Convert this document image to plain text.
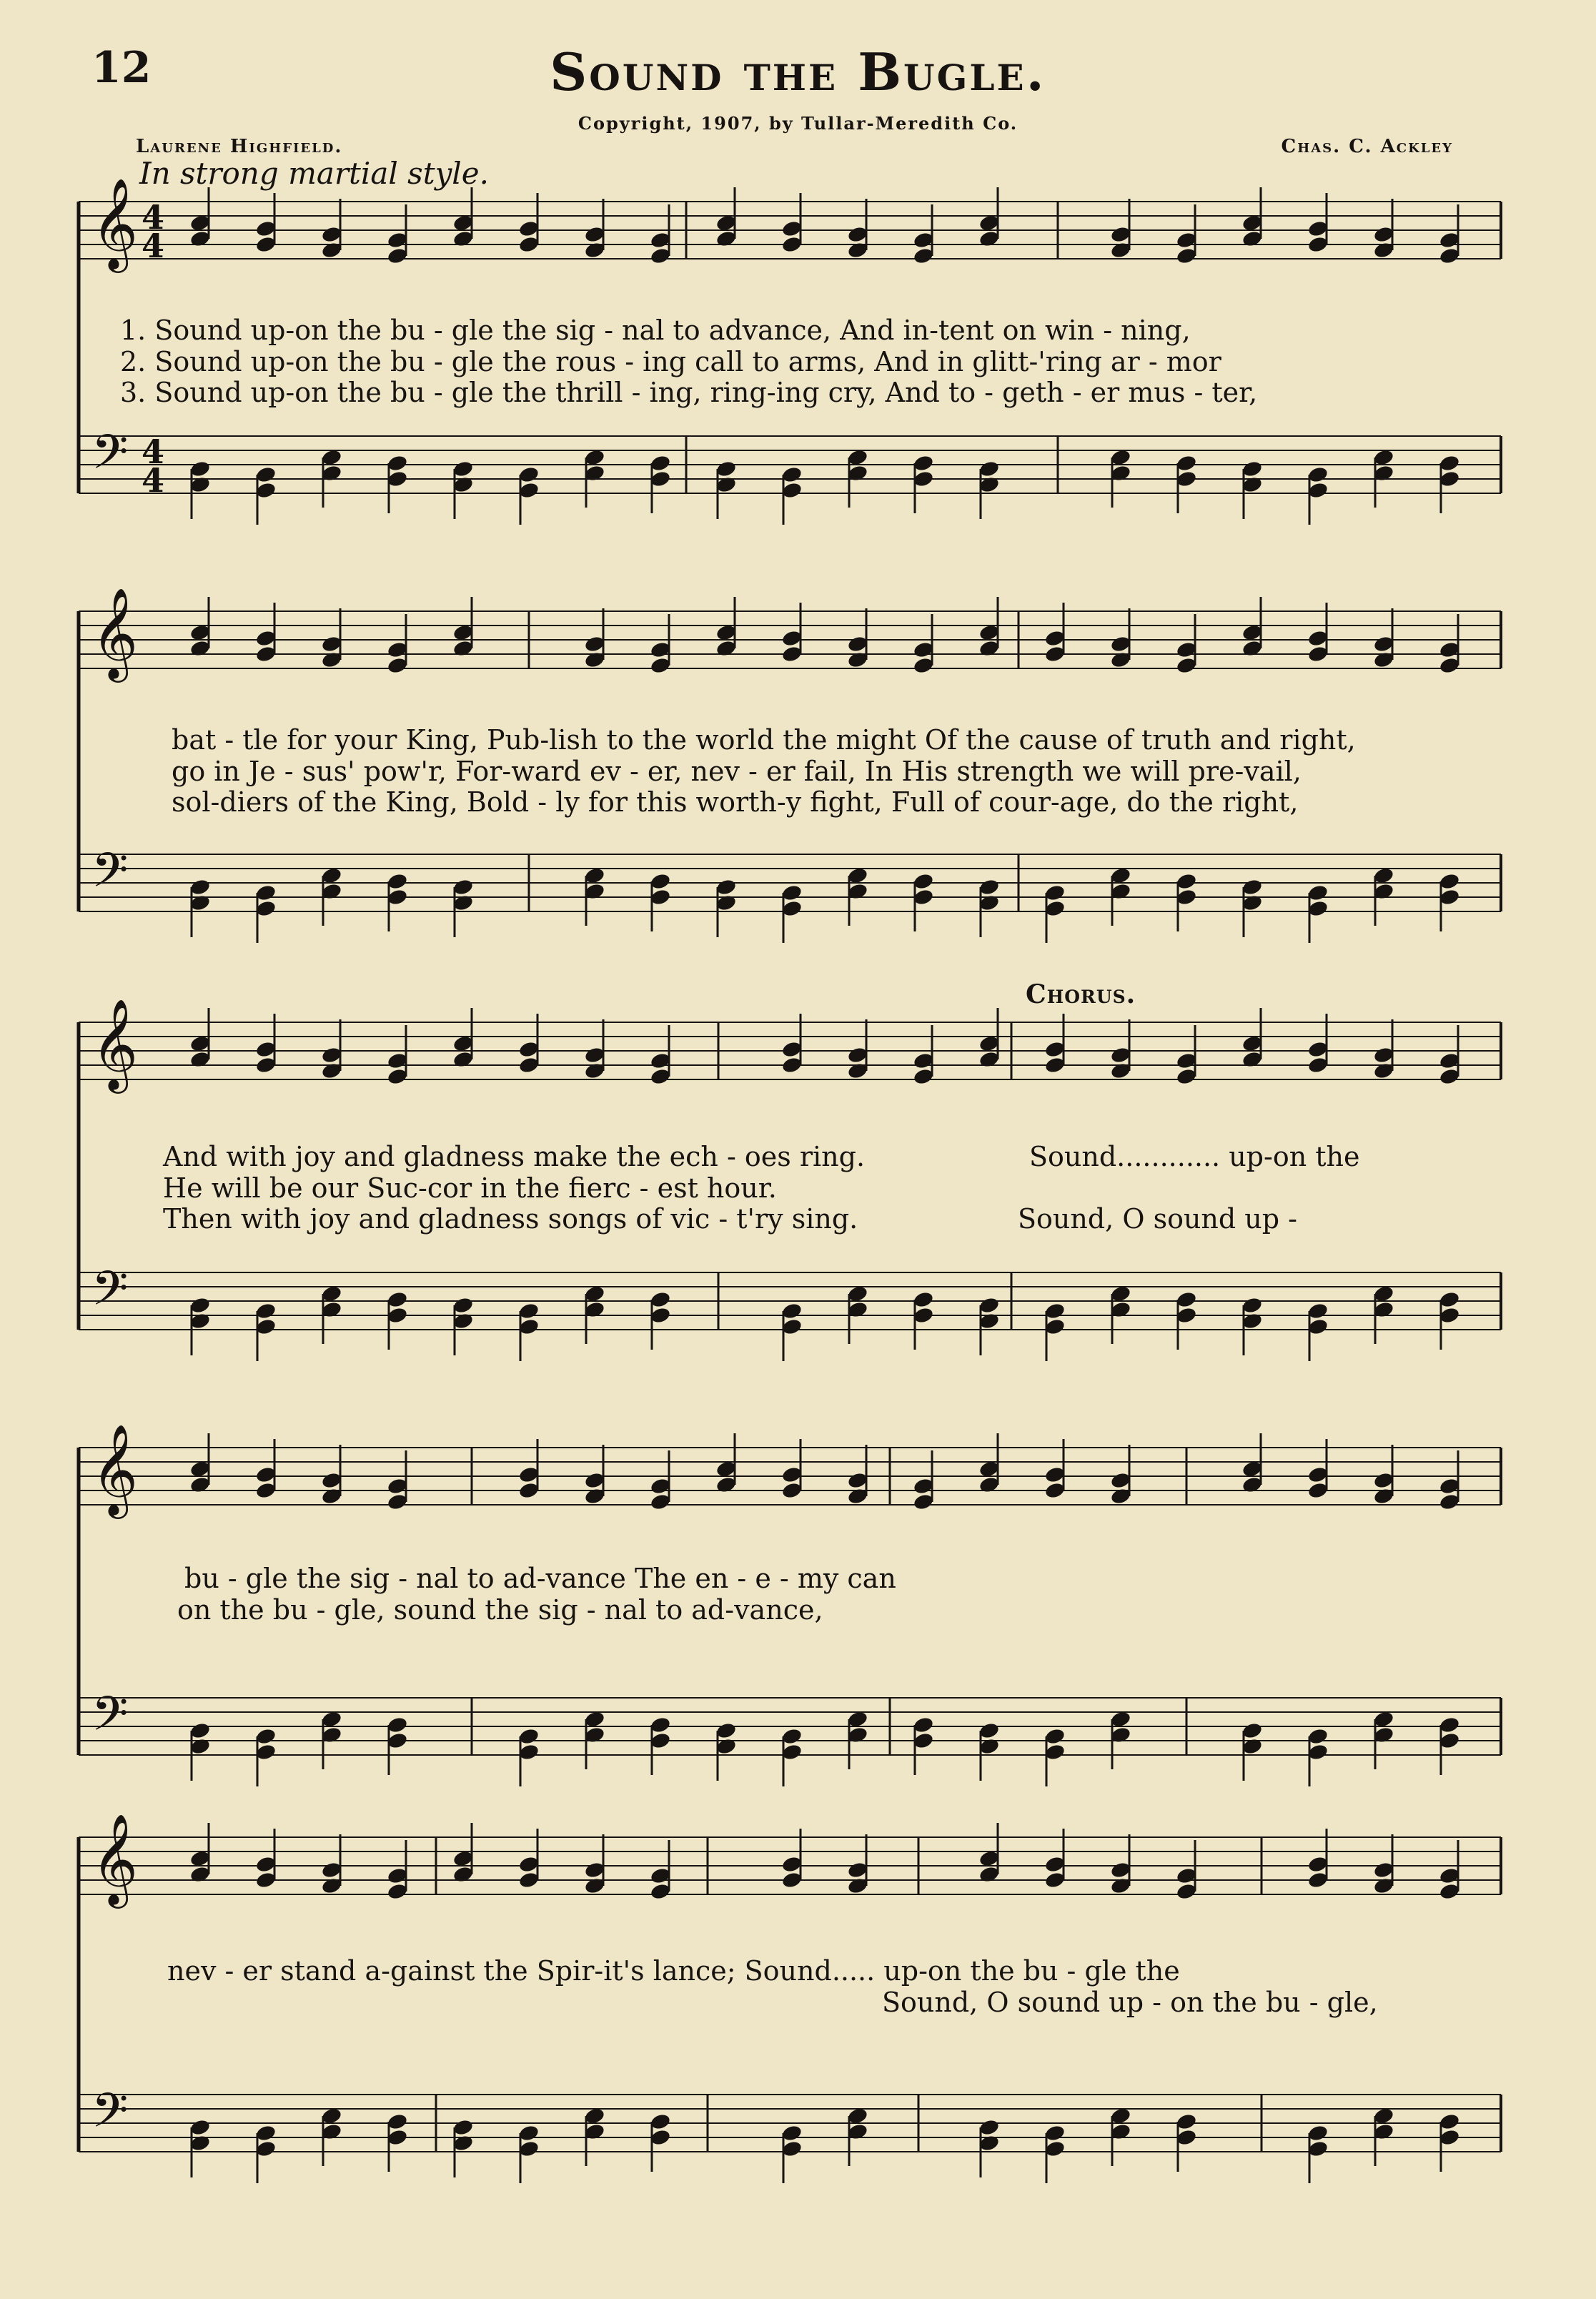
12	Sound the Bugle.
Copyright, 1907, by Tullar-Meredith Co.
Laurene Highfield.	Chas. C. Ackley
In strong martial style.
Chorus.
𝄞
𝄢
𝄞
𝄢
𝄞
𝄢
𝄞
𝄢
𝄞
𝄢
4
4
4
4
1. Sound up-on the bu - gle the sig - nal to advance, And in-tent on win - ning,
2. Sound up-on the bu - gle the rous - ing call to arms, And in glitt-'ring ar - mor
3. Sound up-on the bu - gle the thrill - ing, ring-ing cry, And to - geth - er mus - ter,
bat - tle for your King, Pub-lish to the world the might Of the cause of truth and right,
go in Je - sus' pow'r, For-ward ev - er, nev - er fail, In His strength we will pre-vail,
sol-diers of the King, Bold - ly for this worth-y fight, Full of cour-age, do the right,
And with joy and gladness make the ech - oes ring.
He will be our Suc-cor in the fierc - est hour.
Then with joy and gladness songs of vic - t'ry sing.
Sound............ up-on the
Sound, O sound up -
bu - gle the sig - nal to ad-vance The en - e - my can
on the bu - gle, sound the sig - nal to ad-vance,
nev - er stand a-gainst the Spir-it's lance; Sound..... up-on the bu - gle the
Sound, O sound up - on the bu - gle,
